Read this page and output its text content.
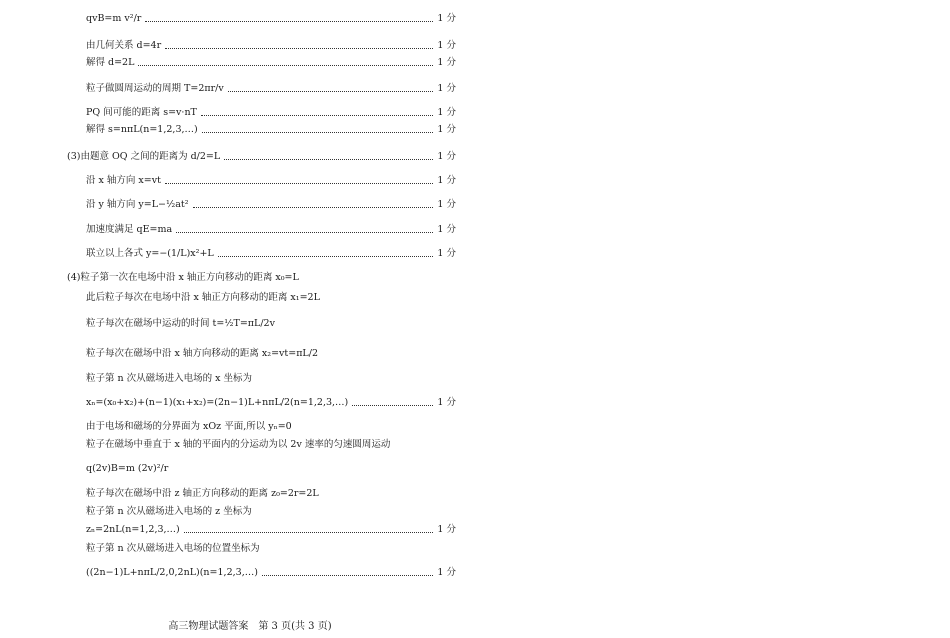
qvB=m v²/r	1 分
由几何关系 d=4r	1 分
解得 d=2L	1 分
粒子做圆周运动的周期 T=2πr/v	1 分
PQ 间可能的距离 s=v·nT	1 分
解得 s=nπL(n=1,2,3,…)	1 分
(3)由题意 OQ 之间的距离为 d/2=L	1 分
沿 x 轴方向 x=vt	1 分
沿 y 轴方向 y=L−½at²	1 分
加速度满足 qE=ma	1 分
联立以上各式 y=−(1/L)x²+L	1 分
(4)粒子第一次在电场中沿 x 轴正方向移动的距离 x₀=L
此后粒子每次在电场中沿 x 轴正方向移动的距离 x₁=2L
粒子每次在磁场中运动的时间 t=½T=πL/2v
粒子每次在磁场中沿 x 轴方向移动的距离 x₂=vt=πL/2
粒子第 n 次从磁场进入电场的 x 坐标为
xₙ=(x₀+x₂)+(n−1)(x₁+x₂)=(2n−1)L+nπL/2(n=1,2,3,…)	1 分
由于电场和磁场的分界面为 xOz 平面,所以 yₙ=0
粒子在磁场中垂直于 x 轴的平面内的分运动为以 2v 速率的匀速圆周运动
q(2v)B=m (2v)²/r
粒子每次在磁场中沿 z 轴正方向移动的距离 z₀=2r=2L
粒子第 n 次从磁场进入电场的 z 坐标为
zₙ=2nL(n=1,2,3,…)	1 分
粒子第 n 次从磁场进入电场的位置坐标为
((2n−1)L+nπL/2,0,2nL)(n=1,2,3,…)	1 分
高三物理试题答案　第 3 页(共 3 页)
